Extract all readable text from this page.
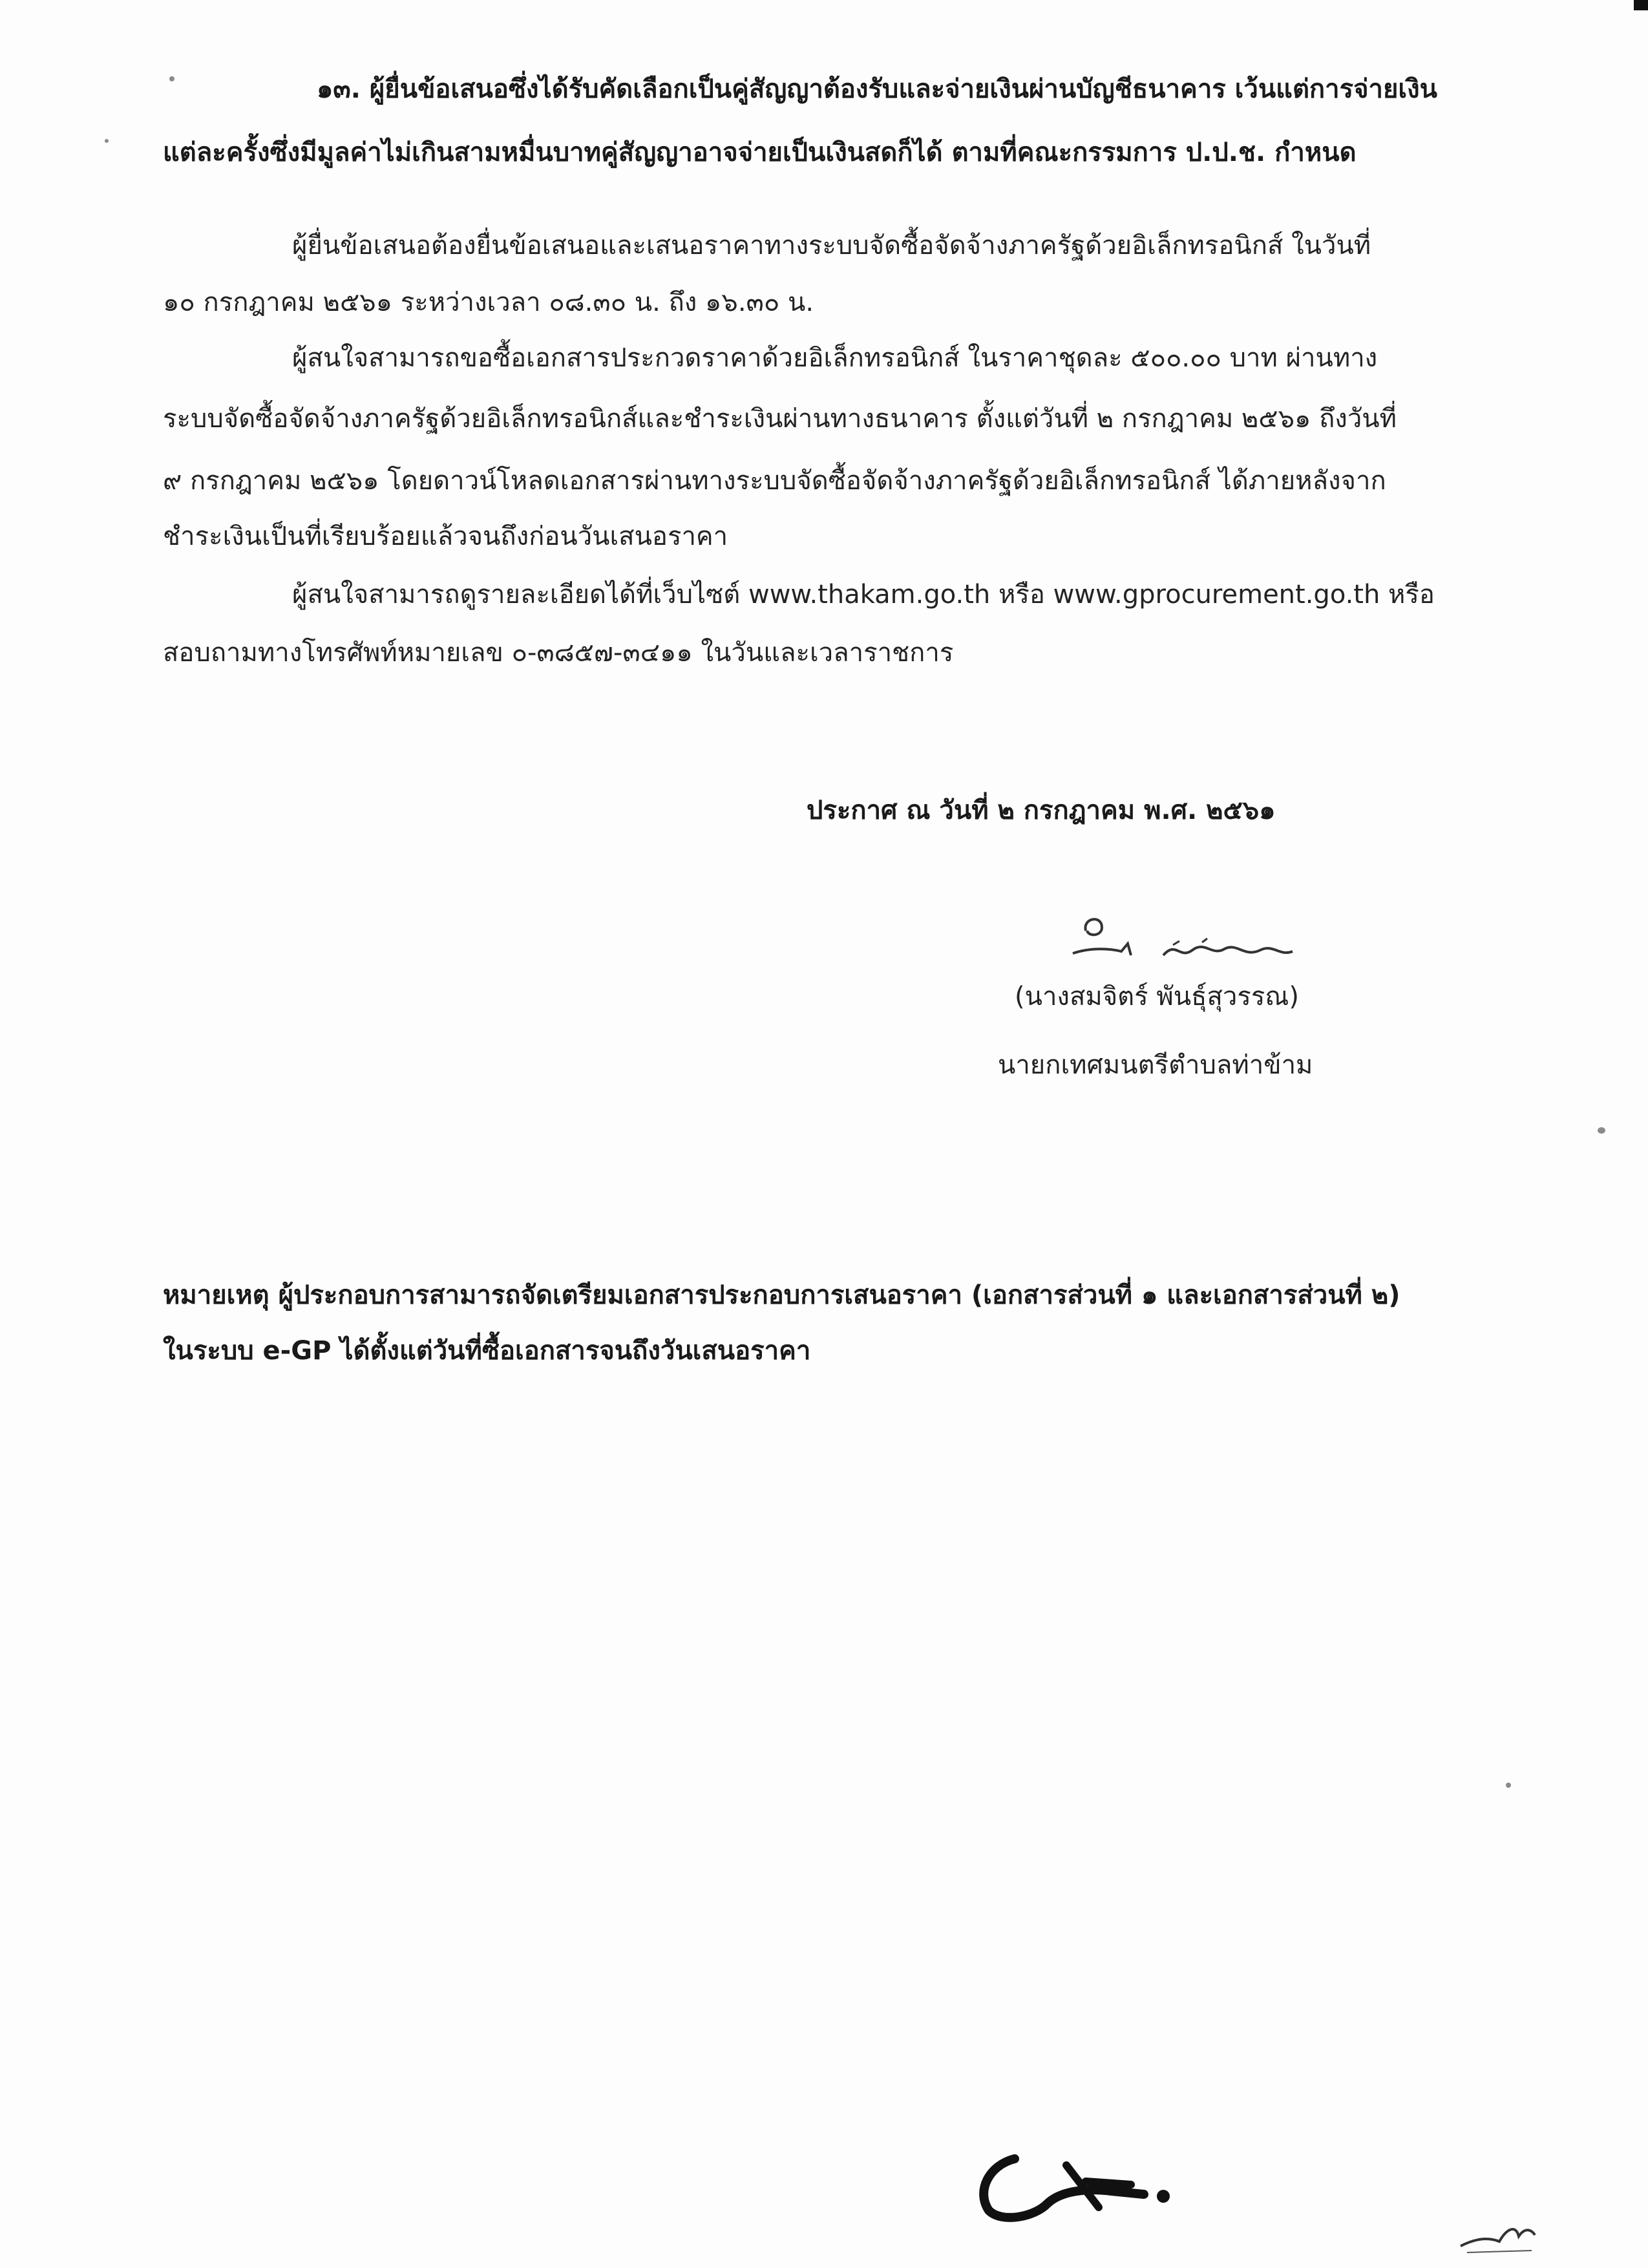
๑๓. ผู้ยื่นข้อเสนอซึ่งได้รับคัดเลือกเป็นคู่สัญญาต้องรับและจ่ายเงินผ่านบัญชีธนาคาร เว้นแต่การจ่ายเงิน
แต่ละครั้งซึ่งมีมูลค่าไม่เกินสามหมื่นบาทคู่สัญญาอาจจ่ายเป็นเงินสดก็ได้ ตามที่คณะกรรมการ ป.ป.ช. กำหนด
ผู้ยื่นข้อเสนอต้องยื่นข้อเสนอและเสนอราคาทางระบบจัดซื้อจัดจ้างภาครัฐด้วยอิเล็กทรอนิกส์ ในวันที่
๑๐ กรกฎาคม ๒๕๖๑ ระหว่างเวลา ๐๘.๓๐ น. ถึง ๑๖.๓๐ น.
ผู้สนใจสามารถขอซื้อเอกสารประกวดราคาด้วยอิเล็กทรอนิกส์ ในราคาชุดละ ๕๐๐.๐๐ บาท ผ่านทาง
ระบบจัดซื้อจัดจ้างภาครัฐด้วยอิเล็กทรอนิกส์และชำระเงินผ่านทางธนาคาร ตั้งแต่วันที่ ๒ กรกฎาคม ๒๕๖๑ ถึงวันที่
๙ กรกฎาคม ๒๕๖๑ โดยดาวน์โหลดเอกสารผ่านทางระบบจัดซื้อจัดจ้างภาครัฐด้วยอิเล็กทรอนิกส์ ได้ภายหลังจาก
ชำระเงินเป็นที่เรียบร้อยแล้วจนถึงก่อนวันเสนอราคา
ผู้สนใจสามารถดูรายละเอียดได้ที่เว็บไซต์ www.thakam.go.th หรือ www.gprocurement.go.th หรือ
สอบถามทางโทรศัพท์หมายเลข ๐-๓๘๕๗-๓๔๑๑ ในวันและเวลาราชการ
ประกาศ ณ วันที่ ๒ กรกฎาคม พ.ศ. ๒๕๖๑
(นางสมจิตร์ พันธุ์สุวรรณ)
นายกเทศมนตรีตำบลท่าข้าม
หมายเหตุ ผู้ประกอบการสามารถจัดเตรียมเอกสารประกอบการเสนอราคา (เอกสารส่วนที่ ๑ และเอกสารส่วนที่ ๒)
ในระบบ e-GP ได้ตั้งแต่วันที่ซื้อเอกสารจนถึงวันเสนอราคา
